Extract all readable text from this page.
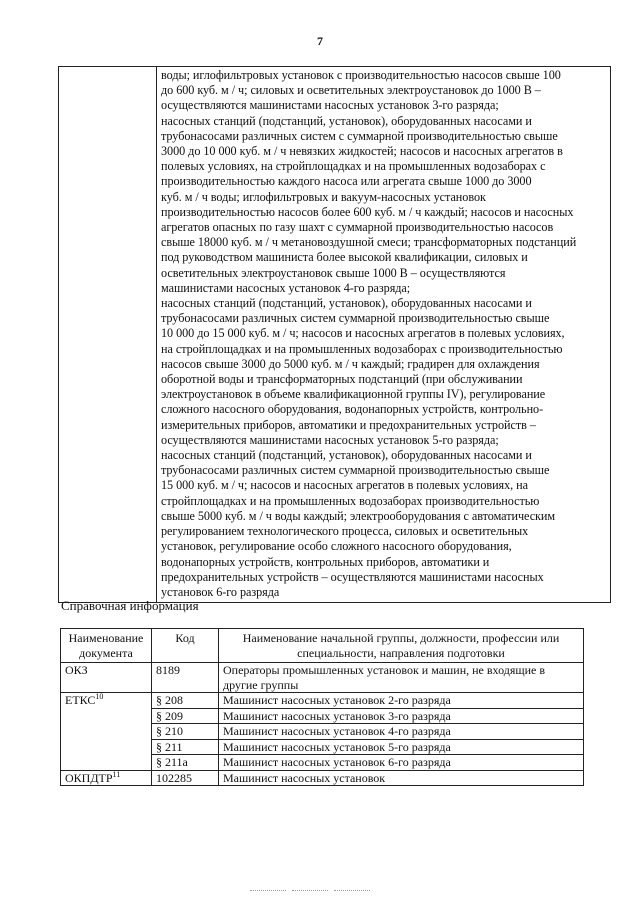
7

воды; иглофильтровых установок с производительностью насосов свыше 100
до 600 куб. м / ч; силовых и осветительных электроустановок до 1000 В –
осуществляются машинистами насосных установок 3-го разряда;
насосных станций (подстанций, установок), оборудованных насосами и
трубонасосами различных систем с суммарной производительностью свыше
3000 до 10 000 куб. м / ч невязких жидкостей; насосов и насосных агрегатов в
полевых условиях, на стройплощадках и на промышленных водозаборах с
производительностью каждого насоса или агрегата свыше 1000 до 3000
куб. м / ч воды; иглофильтровых и вакуум-насосных установок
производительностью насосов более 600 куб. м / ч каждый; насосов и насосных
агрегатов опасных по газу шахт с суммарной производительностью насосов
свыше 18000 куб. м / ч метановоздушной смеси; трансформаторных подстанций
под руководством машиниста более высокой квалификации, силовых и
осветительных электроустановок свыше 1000 В – осуществляются
машинистами насосных установок 4-го разряда;
насосных станций (подстанций, установок), оборудованных насосами и
трубонасосами различных систем суммарной производительностью свыше
10 000 до 15 000 куб. м / ч; насосов и насосных агрегатов в полевых условиях,
на стройплощадках и на промышленных водозаборах с производительностью
насосов свыше 3000 до 5000 куб. м / ч каждый; градирен для охлаждения
оборотной воды и трансформаторных подстанций (при обслуживании
электроустановок в объеме квалификационной группы IV), регулирование
сложного насосного оборудования, водонапорных устройств, контрольно-
измерительных приборов, автоматики и предохранительных устройств –
осуществляются машинистами насосных установок 5-го разряда;
насосных станций (подстанций, установок), оборудованных насосами и
трубонасосами различных систем суммарной производительностью свыше
15 000 куб. м / ч; насосов и насосных агрегатов в полевых условиях, на
стройплощадках и на промышленных водозаборах производительностью
свыше 5000 куб. м / ч воды каждый; электрооборудования с автоматическим
регулированием технологического процесса, силовых и осветительных
установок, регулирование особо сложного насосного оборудования,
водонапорных устройств, контрольных приборов, автоматики и
предохранительных устройств – осуществляются машинистами насосных
установок 6-го разряда
Справочная информация
Наименование документа	Код	Наименование начальной группы, должности, профессии или специальности, направления подготовки
ОКЗ	8189	Операторы промышленных установок и машин, не входящие в другие группы
ЕТКС$^{10}$	§ 208	Машинист насосных установок 2-го разряда
	§ 209	Машинист насосных установок 3-го разряда
	§ 210	Машинист насосных установок 4-го разряда
	§ 211	Машинист насосных установок 5-го разряда
	§ 211а	Машинист насосных установок 6-го разряда
ОКПДТР$^{11}$	102285	Машинист насосных установок
